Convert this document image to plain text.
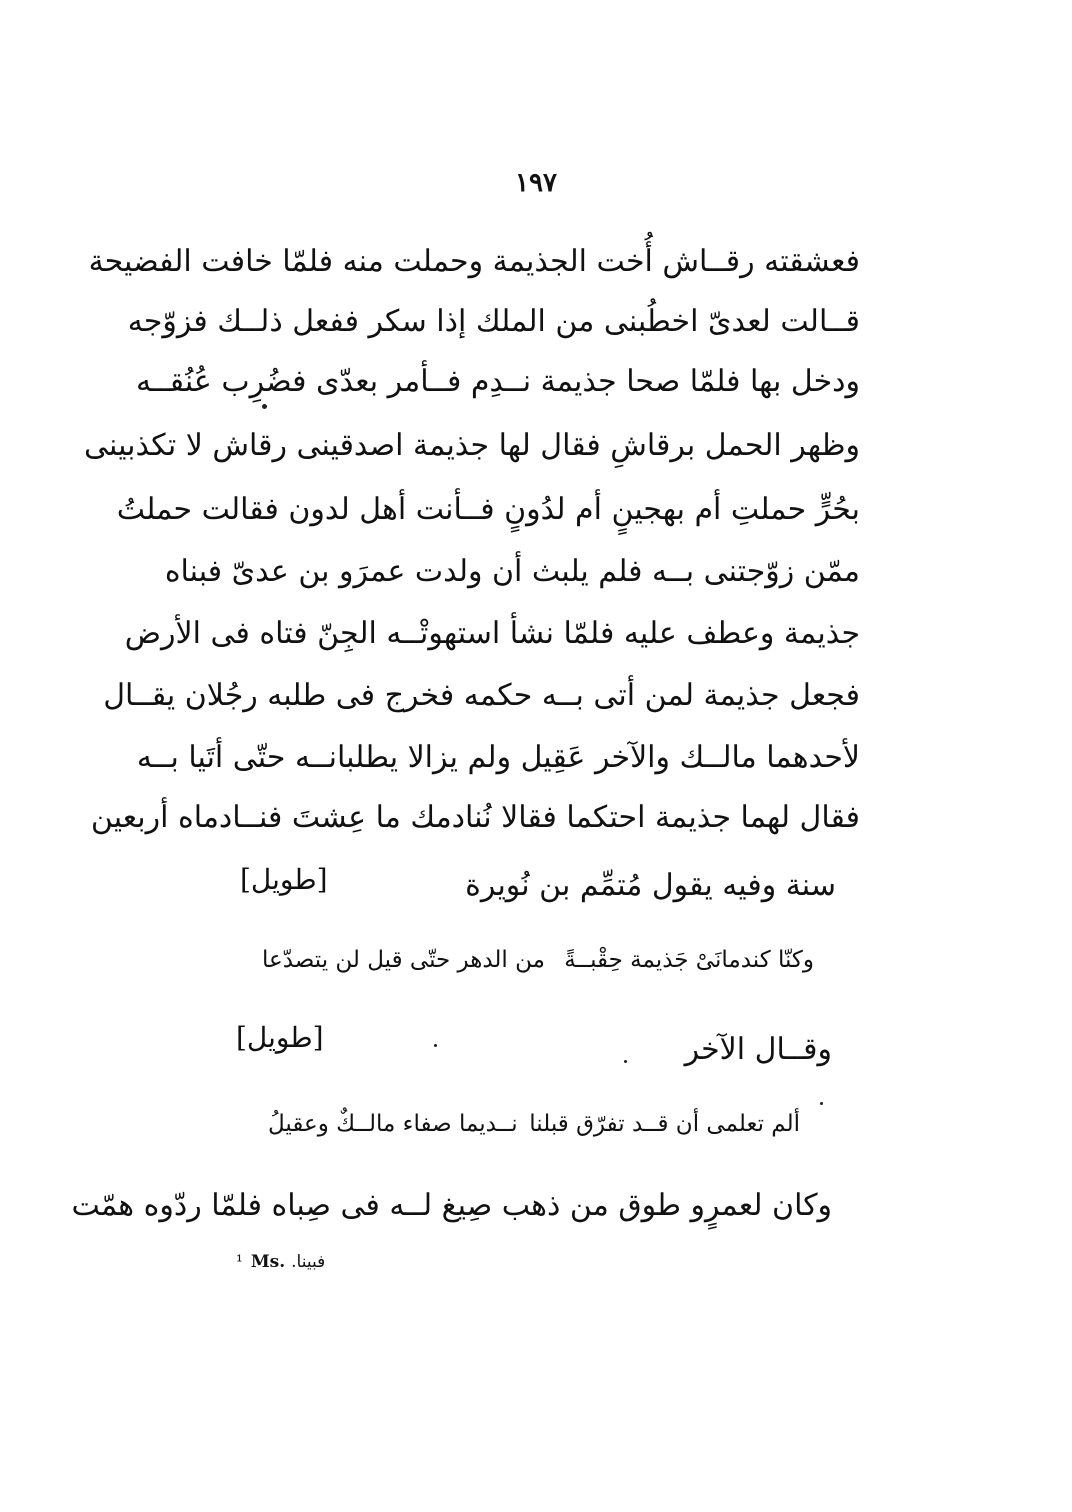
١٩٧
فعشقته رقــاش أُخت الجذيمة وحملت منه فلمّا خافت الفضيحة
قــالت لعدىّ اخطُبنى من الملك إذا سكر ففعل ذلــك فزوّجه
ودخل بها فلمّا صحا جذيمة نــدِم فــأمر بعدّى فضُرِب عُنُقــه
وظهر الحمل برقاشِ فقال لها جذيمة اصدقينى رقاش لا تكذبينى
بحُرٍّ حملتِ أم بهجينٍ أم لدُونٍ فــأنت أهل لدون فقالت حملتُ
ممّن زوّجتنى بــه فلم يلبث أن ولدت عمرَو بن عدىّ فبناه
جذيمة وعطف عليه فلمّا نشأ استهوتْــه الجِنّ فتاه فى الأرض
فجعل جذيمة لمن أتى بــه حكمه فخرج فى طلبه رجُلان يقــال
لأحدهما مالــك والآخر عَقِيل ولم يزالا يطلبانــه حتّى أتَيا بــه
فقال لهما جذيمة احتكما فقالا نُنادمك ما عِشتَ فنــادماه أربعين
سنة وفيه يقول مُتمِّم بن نُويرة
[طويل]
وكنّا كندمانَىْ جَذيمة حِقْبــةً
من الدهر حتّى قيل لن يتصدّعا
وقــال الآخر
[طويل]
ألم تعلمى أن قــد تفرّق قبلنا
نــديما صفاء مالــكٌ وعقيلُ
وكان لعمرٍو طوق من ذهب صِيغ لــه فى صِباه فلمّا ردّوه همّت
¹ Ms. فبينا.
